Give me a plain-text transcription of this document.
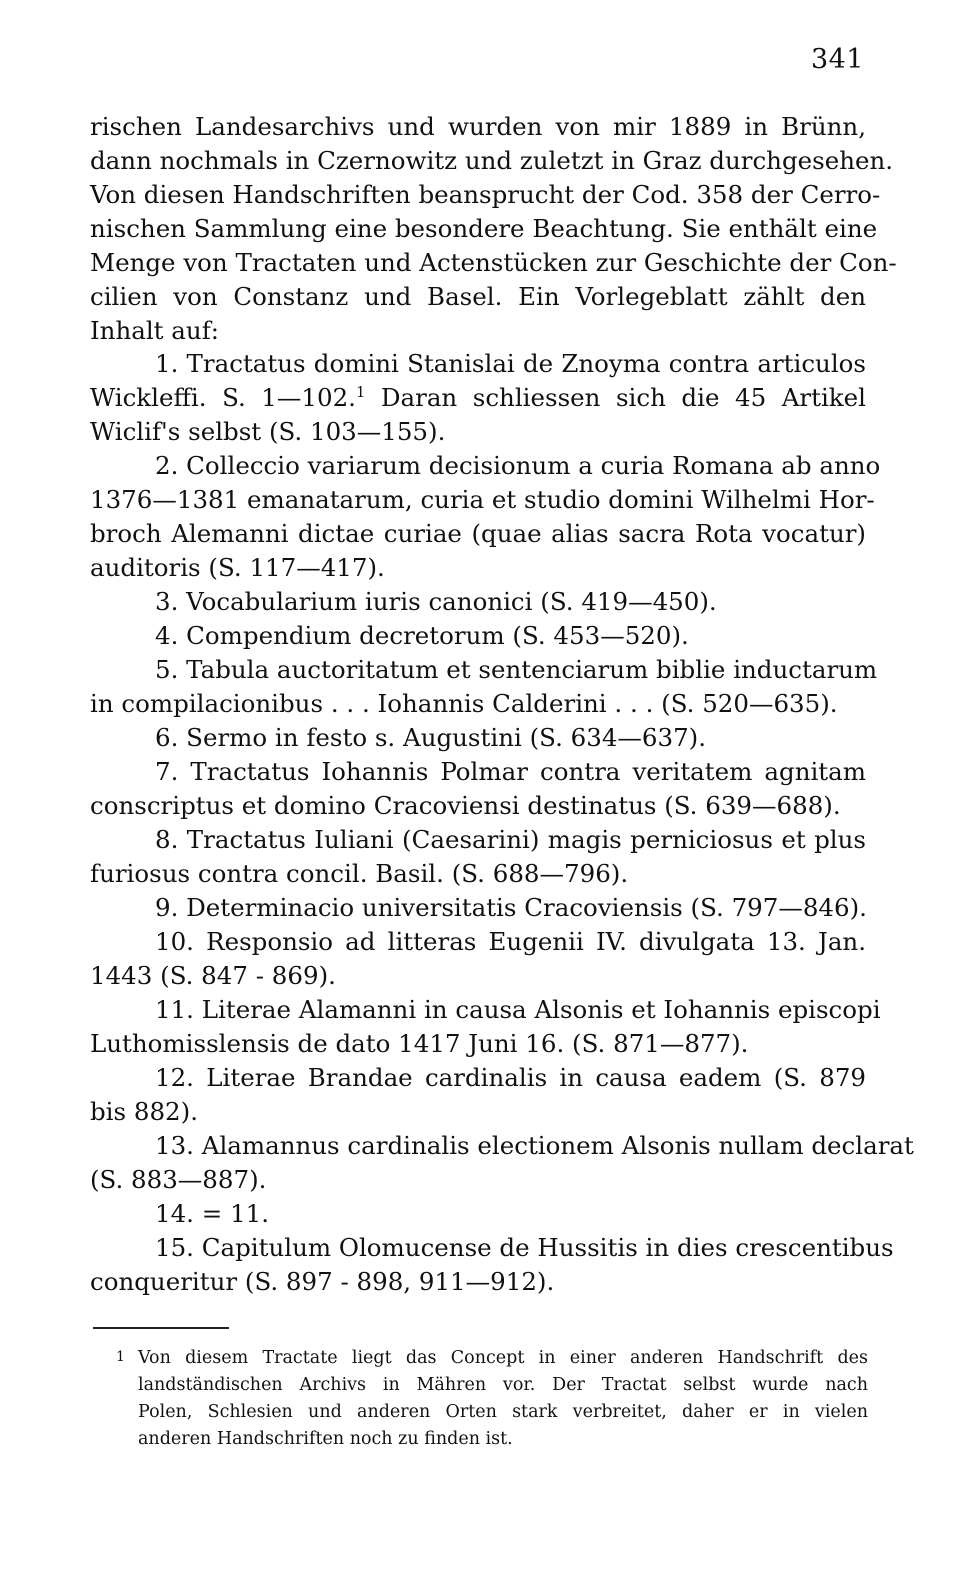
341
rischen Landesarchivs und wurden von mir 1889 in Brünn,
dann nochmals in Czernowitz und zuletzt in Graz durchgesehen.
Von diesen Handschriften beansprucht der Cod. 358 der Cerro-
nischen Sammlung eine besondere Beachtung. Sie enthält eine
Menge von Tractaten und Actenstücken zur Geschichte der Con-
cilien von Constanz und Basel. Ein Vorlegeblatt zählt den
Inhalt auf:
1. Tractatus domini Stanislai de Znoyma contra articulos
Wickleffi. S. 1—102.$^1$ Daran schliessen sich die 45 Artikel
Wiclif's selbst (S. 103—155).
2. Colleccio variarum decisionum a curia Romana ab anno
1376—1381 emanatarum, curia et studio domini Wilhelmi Hor-
broch Alemanni dictae curiae (quae alias sacra Rota vocatur)
auditoris (S. 117—417).
3. Vocabularium iuris canonici (S. 419—450).
4. Compendium decretorum (S. 453—520).
5. Tabula auctoritatum et sentenciarum biblie inductarum
in compilacionibus . . . Iohannis Calderini . . . (S. 520—635).
6. Sermo in festo s. Augustini (S. 634—637).
7. Tractatus Iohannis Polmar contra veritatem agnitam
conscriptus et domino Cracoviensi destinatus (S. 639—688).
8. Tractatus Iuliani (Caesarini) magis perniciosus et plus
furiosus contra concil. Basil. (S. 688—796).
9. Determinacio universitatis Cracoviensis (S. 797—846).
10. Responsio ad litteras Eugenii IV. divulgata 13. Jan.
1443 (S. 847 - 869).
11. Literae Alamanni in causa Alsonis et Iohannis episcopi
Luthomisslensis de dato 1417 Juni 16. (S. 871—877).
12. Literae Brandae cardinalis in causa eadem (S. 879
bis 882).
13. Alamannus cardinalis electionem Alsonis nullam declarat
(S. 883—887).
14. = 11.
15. Capitulum Olomucense de Hussitis in dies crescentibus
conqueritur (S. 897 - 898, 911—912).
1 Von diesem Tractate liegt das Concept in einer anderen Handschrift des
landständischen Archivs in Mähren vor. Der Tractat selbst wurde nach
Polen, Schlesien und anderen Orten stark verbreitet, daher er in vielen
anderen Handschriften noch zu finden ist.
